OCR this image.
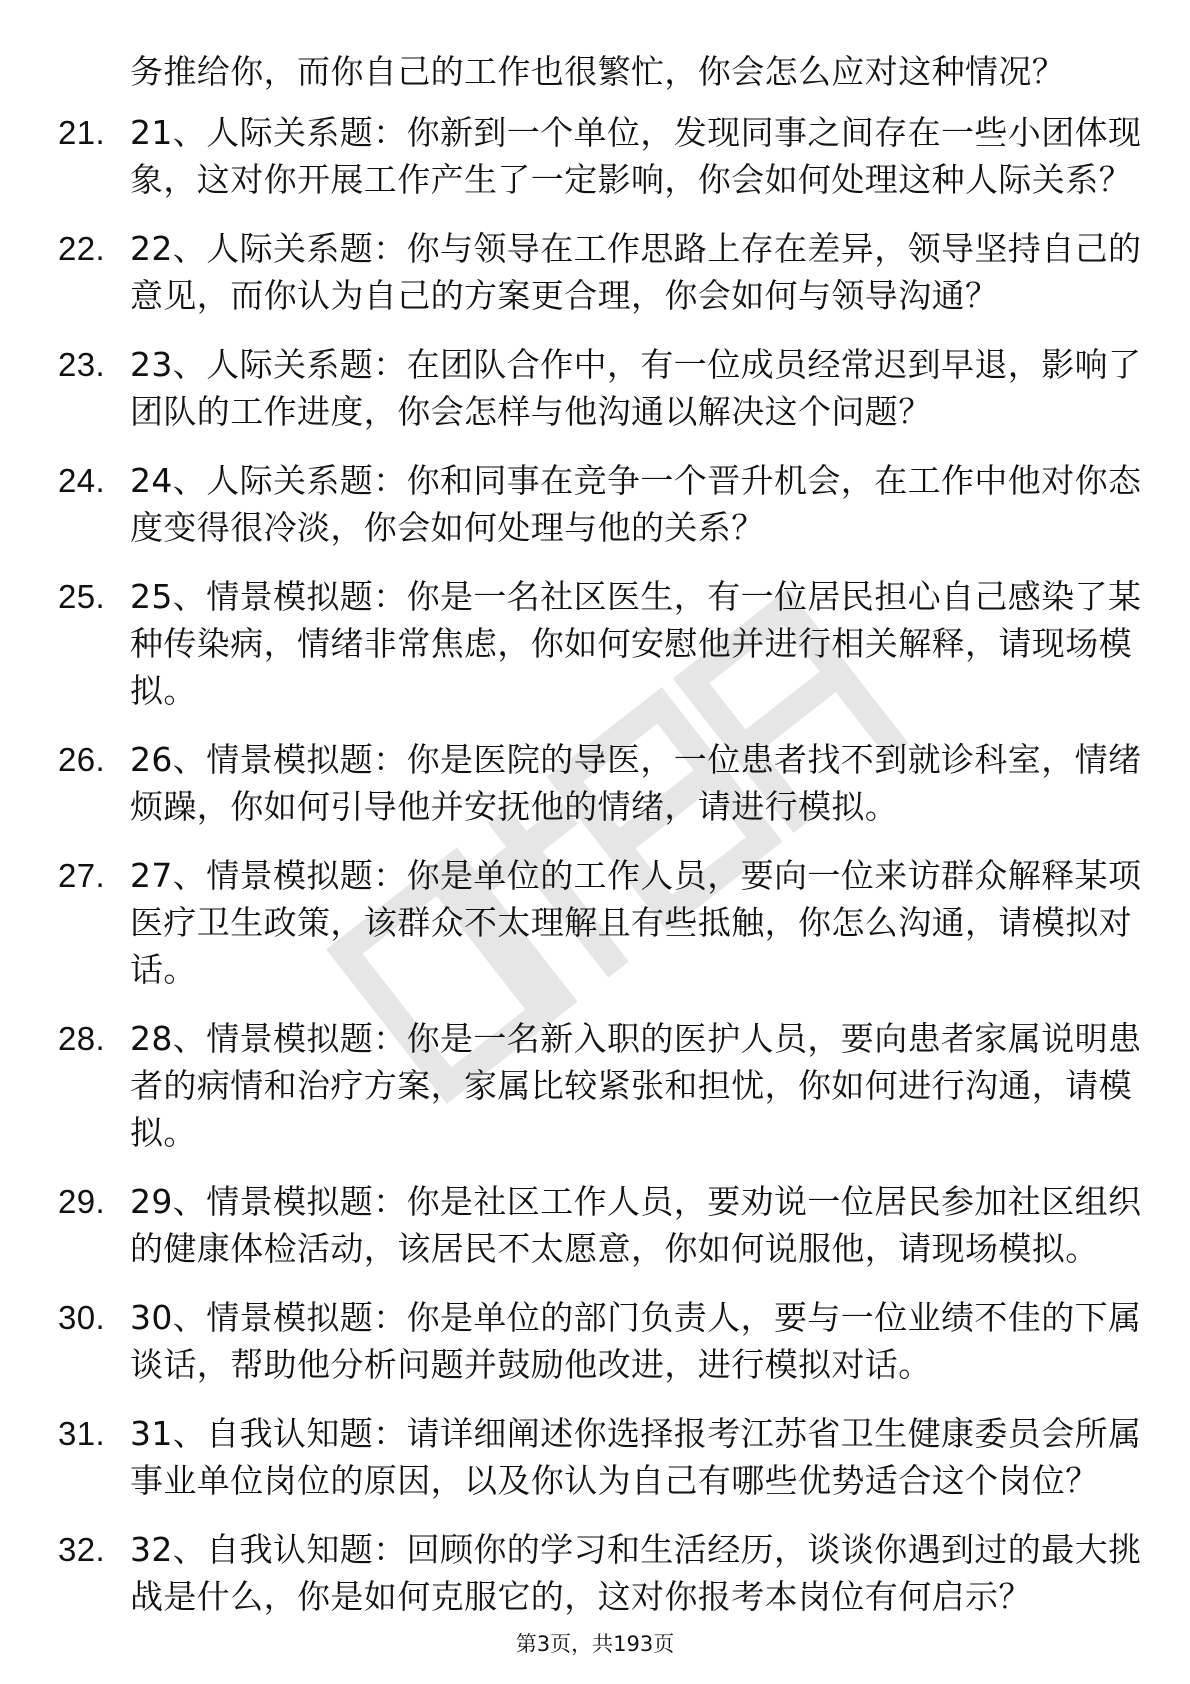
务推给你，而你自己的工作也很繁忙，你会怎么应对这种情况？
21. 21、人际关系题：你新到一个单位，发现同事之间存在一些小团体现象，这对你开展工作产生了一定影响，你会如何处理这种人际关系？
22. 22、人际关系题：你与领导在工作思路上存在差异，领导坚持自己的意见，而你认为自己的方案更合理，你会如何与领导沟通？
23. 23、人际关系题：在团队合作中，有一位成员经常迟到早退，影响了团队的工作进度，你会怎样与他沟通以解决这个问题？
24. 24、人际关系题：你和同事在竞争一个晋升机会，在工作中他对你态度变得很冷淡，你会如何处理与他的关系？
25. 25、情景模拟题：你是一名社区医生，有一位居民担心自己感染了某种传染病，情绪非常焦虑，你如何安慰他并进行相关解释，请现场模拟。
26. 26、情景模拟题：你是医院的导医，一位患者找不到就诊科室，情绪烦躁，你如何引导他并安抚他的情绪，请进行模拟。
27. 27、情景模拟题：你是单位的工作人员，要向一位来访群众解释某项医疗卫生政策，该群众不太理解且有些抵触，你怎么沟通，请模拟对话。
28. 28、情景模拟题：你是一名新入职的医护人员，要向患者家属说明患者的病情和治疗方案，家属比较紧张和担忧，你如何进行沟通，请模拟。
29. 29、情景模拟题：你是社区工作人员，要劝说一位居民参加社区组织的健康体检活动，该居民不太愿意，你如何说服他，请现场模拟。
30. 30、情景模拟题：你是单位的部门负责人，要与一位业绩不佳的下属谈话，帮助他分析问题并鼓励他改进，进行模拟对话。
31. 31、自我认知题：请详细阐述你选择报考江苏省卫生健康委员会所属事业单位岗位的原因，以及你认为自己有哪些优势适合这个岗位？
32. 32、自我认知题：回顾你的学习和生活经历，谈谈你遇到过的最大挑战是什么，你是如何克服它的，这对你报考本岗位有何启示？
第3页，共193页
